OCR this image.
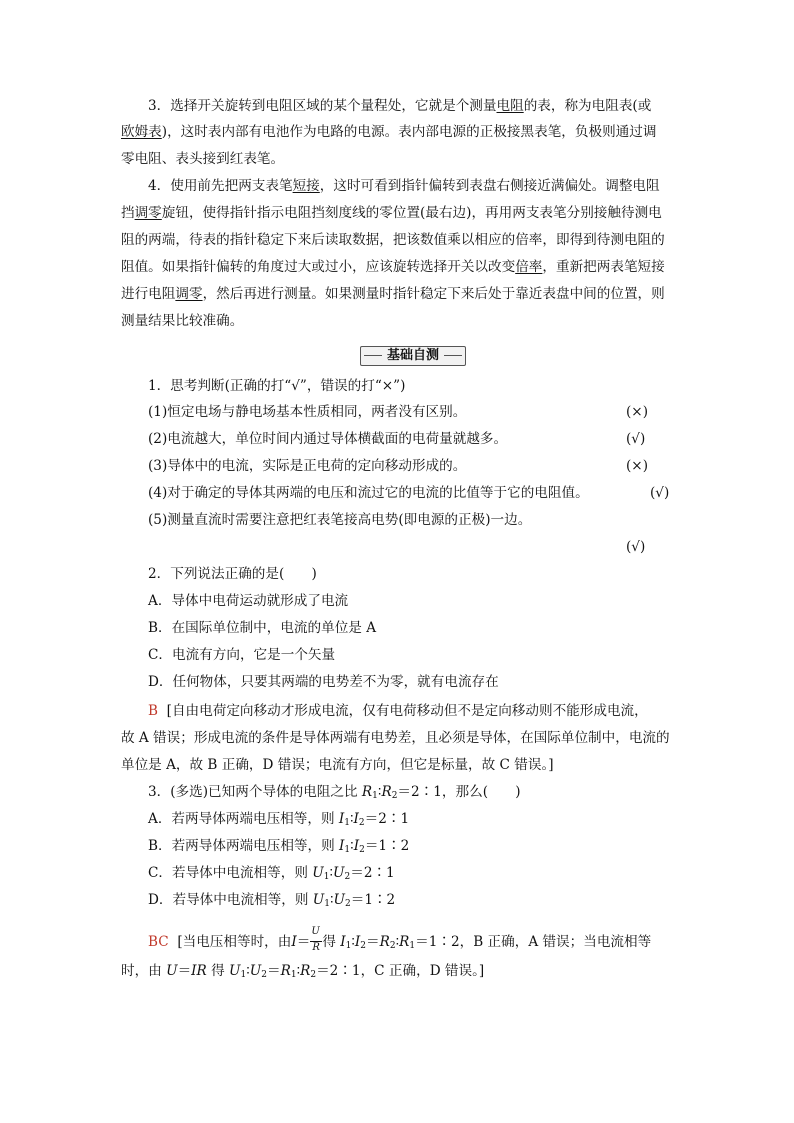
3．选择开关旋转到电阻区域的某个量程处，它就是个测量电阻的表，称为电阻表(或
欧姆表)，这时表内部有电池作为电路的电源。表内部电源的正极接黑表笔，负极则通过调
零电阻、表头接到红表笔。
4．使用前先把两支表笔短接，这时可看到指针偏转到表盘右侧接近满偏处。调整电阻
挡调零旋钮，使得指针指示电阻挡刻度线的零位置(最右边)，再用两支表笔分别接触待测电
阻的两端，待表的指针稳定下来后读取数据，把该数值乘以相应的倍率，即得到待测电阻的
阻值。如果指针偏转的角度过大或过小，应该旋转选择开关以改变倍率，重新把两表笔短接
进行电阻调零，然后再进行测量。如果测量时指针稳定下来后处于靠近表盘中间的位置，则
测量结果比较准确。
基础自测
1．思考判断(正确的打“√”，错误的打“×”)
(1)恒定电场与静电场基本性质相同，两者没有区别。	(×)
(2)电流越大，单位时间内通过导体横截面的电荷量就越多。	(√)
(3)导体中的电流，实际是正电荷的定向移动形成的。	(×)
(4)对于确定的导体其两端的电压和流过它的电流的比值等于它的电阻值。	(√)
(5)测量直流时需要注意把红表笔接高电势(即电源的正极)一边。
(√)
2．下列说法正确的是(　　)
A．导体中电荷运动就形成了电流
B．在国际单位制中，电流的单位是 A
C．电流有方向，它是一个矢量
D．任何物体，只要其两端的电势差不为零，就有电流存在
B [自由电荷定向移动才形成电流，仅有电荷移动但不是定向移动则不能形成电流，
故 A 错误；形成电流的条件是导体两端有电势差，且必须是导体，在国际单位制中，电流的
单位是 A，故 B 正确，D 错误；电流有方向，但它是标量，故 C 错误。]
3．(多选)已知两个导体的电阻之比 $R_1∶R_2=2∶1$，那么(　　)
A．若两导体两端电压相等，则 $I_1∶I_2=2∶1$
B．若两导体两端电压相等，则 $I_1∶I_2=1∶2$
C．若导体中电流相等，则 $U_1∶U_2=2∶1$
D．若导体中电流相等，则 $U_1∶U_2=1∶2$
BC [当电压相等时，由$I= \frac{U}{R}$ 得 $I_1∶I_2=R_2∶R_1=1∶2$，B 正确，A 错误；当电流相等
时，由 U＝IR 得 $U_1∶U_2=R_1∶R_2=2∶1$，C 正确，D 错误。]
